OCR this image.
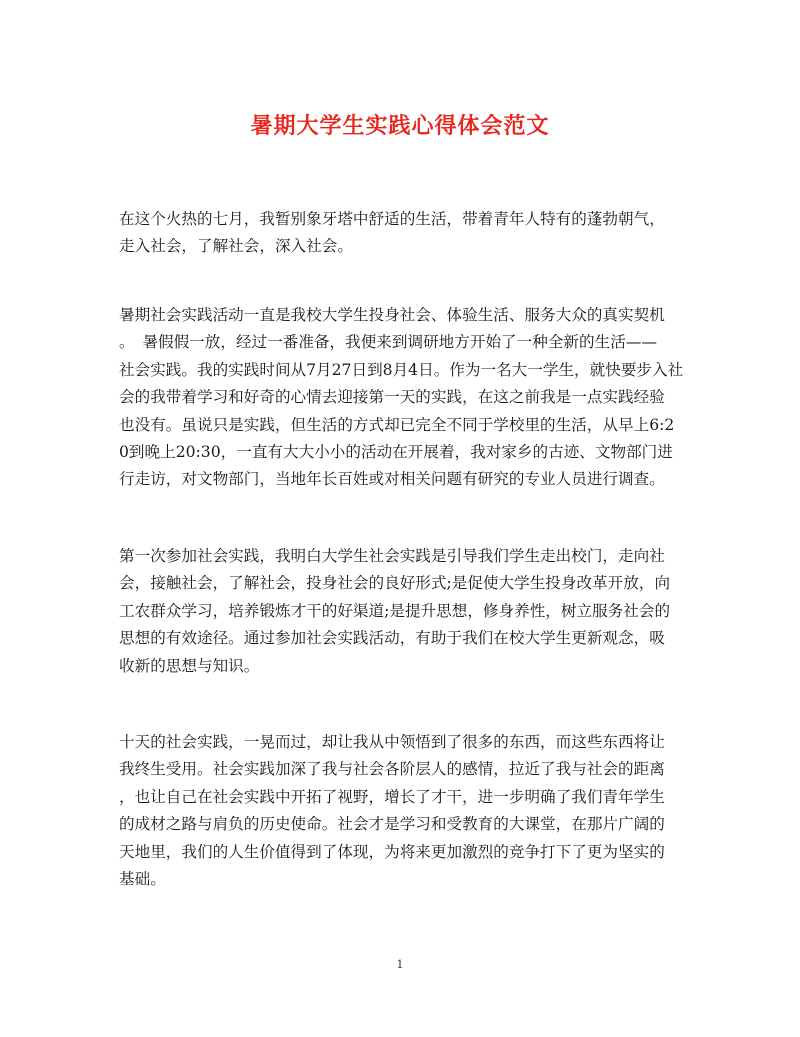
暑期大学生实践心得体会范文
在这个火热的七月，我暂别象牙塔中舒适的生活，带着青年人特有的蓬勃朝气，
走入社会，了解社会，深入社会。
暑期社会实践活动一直是我校大学生投身社会、体验生活、服务大众的真实契机
。　暑假假一放，经过一番准备，我便来到调研地方开始了一种全新的生活——
社会实践。我的实践时间从7月27日到8月4日。作为一名大一学生，就快要步入社
会的我带着学习和好奇的心情去迎接第一天的实践，在这之前我是一点实践经验
也没有。虽说只是实践，但生活的方式却已完全不同于学校里的生活，从早上6:2
0到晚上20:30，一直有大大小小的活动在开展着，我对家乡的古迹、文物部门进
行走访，对文物部门，当地年长百姓或对相关问题有研究的专业人员进行调查。
第一次参加社会实践，我明白大学生社会实践是引导我们学生走出校门，走向社
会，接触社会，了解社会，投身社会的良好形式;是促使大学生投身改革开放，向
工农群众学习，培养锻炼才干的好渠道;是提升思想，修身养性，树立服务社会的
思想的有效途径。通过参加社会实践活动，有助于我们在校大学生更新观念，吸
收新的思想与知识。
十天的社会实践，一晃而过，却让我从中领悟到了很多的东西，而这些东西将让
我终生受用。社会实践加深了我与社会各阶层人的感情，拉近了我与社会的距离
，也让自己在社会实践中开拓了视野，增长了才干，进一步明确了我们青年学生
的成材之路与肩负的历史使命。社会才是学习和受教育的大课堂，在那片广阔的
天地里，我们的人生价值得到了体现，为将来更加激烈的竞争打下了更为坚实的
基础。
1
